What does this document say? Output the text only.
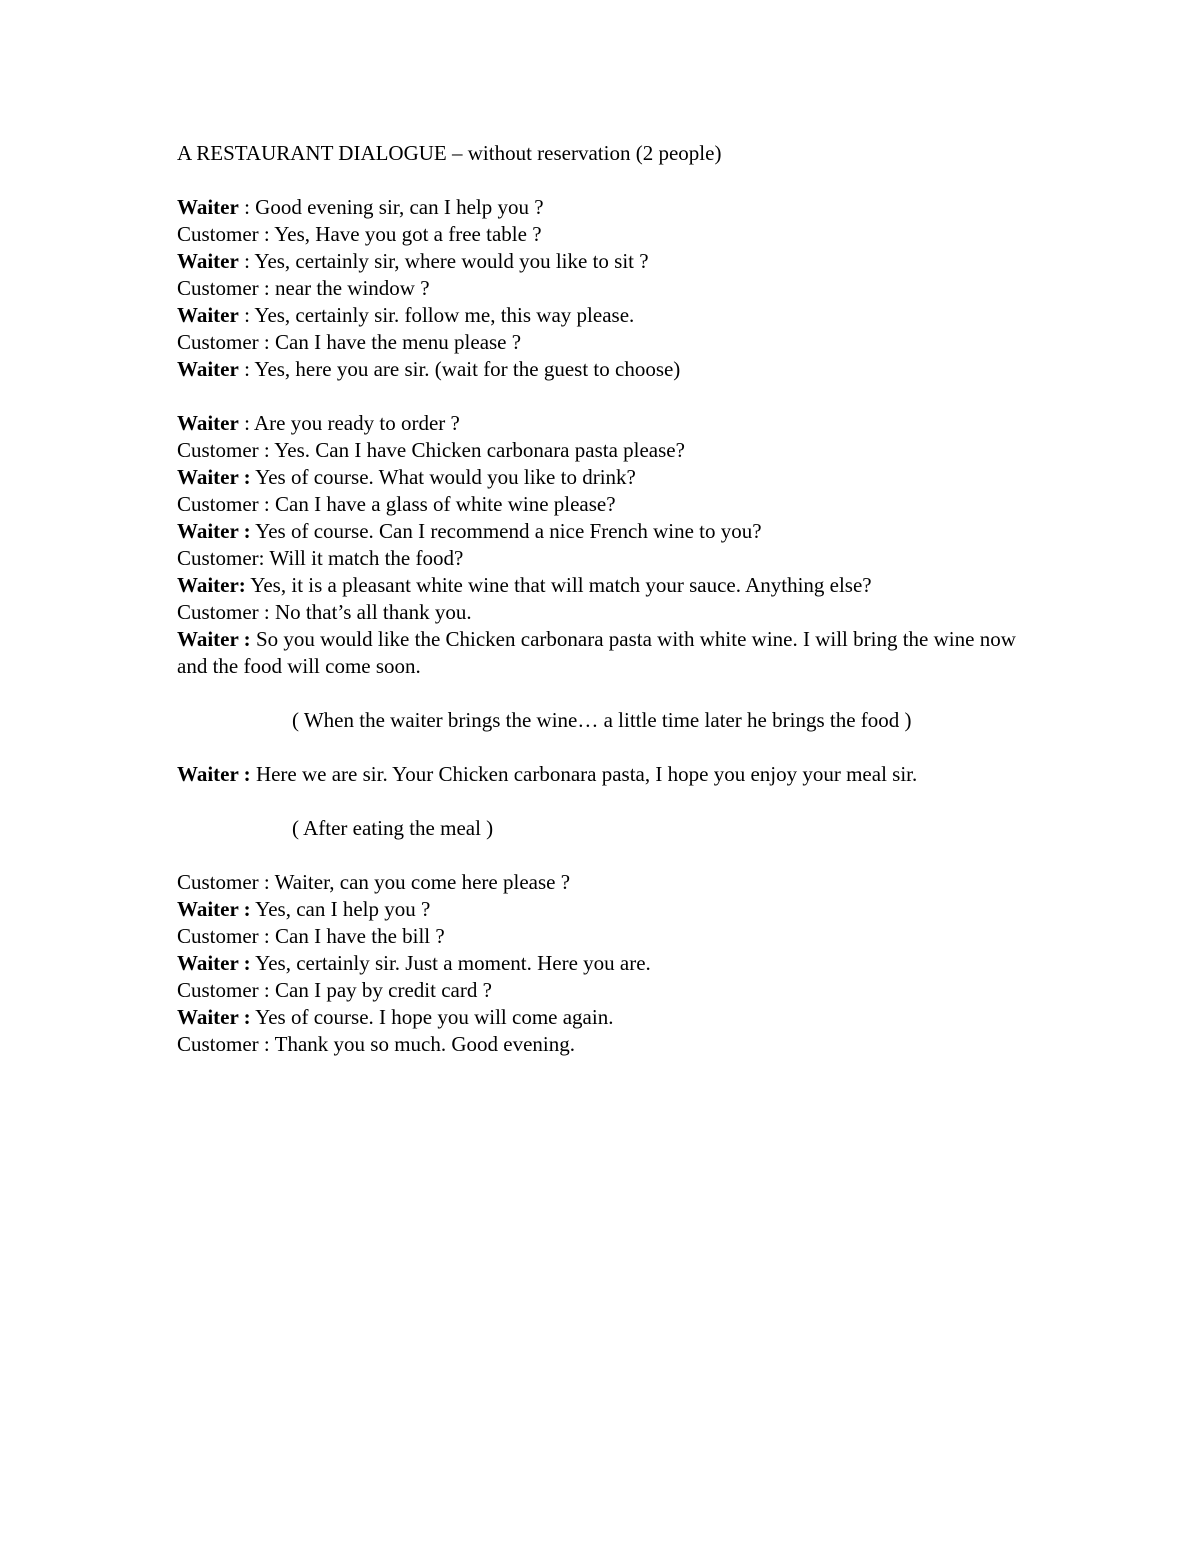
A RESTAURANT DIALOGUE – without reservation (2 people)

Waiter : Good evening sir, can I help you ?

Customer : Yes, Have you got a free table ?

Waiter : Yes, certainly sir, where would you like to sit ?

Customer : near the window ?

Waiter : Yes, certainly sir. follow me, this way please.

Customer : Can I have the menu please ?

Waiter : Yes, here you are sir. (wait for the guest to choose)

Waiter : Are you ready to order ?

Customer : Yes. Can I have Chicken carbonara pasta please?

Waiter : Yes of course. What would you like to drink?

Customer : Can I have a glass of white wine please?

Waiter : Yes of course. Can I recommend a nice French wine to you?

Customer: Will it match the food?

Waiter: Yes, it is a pleasant white wine that will match your sauce. Anything else?

Customer : No that’s all thank you.

Waiter : So you would like the Chicken carbonara pasta with white wine. I will bring the wine now and the food will come soon.

( When the waiter brings the wine… a little time later he brings the food )

Waiter : Here we are sir. Your Chicken carbonara pasta, I hope you enjoy your meal sir.

( After eating the meal )

Customer : Waiter, can you come here please ?

Waiter : Yes, can I help you ?

Customer : Can I have the bill ?

Waiter : Yes, certainly sir. Just a moment. Here you are.

Customer : Can I pay by credit card ?

Waiter : Yes of course. I hope you will come again.

Customer : Thank you so much. Good evening.
